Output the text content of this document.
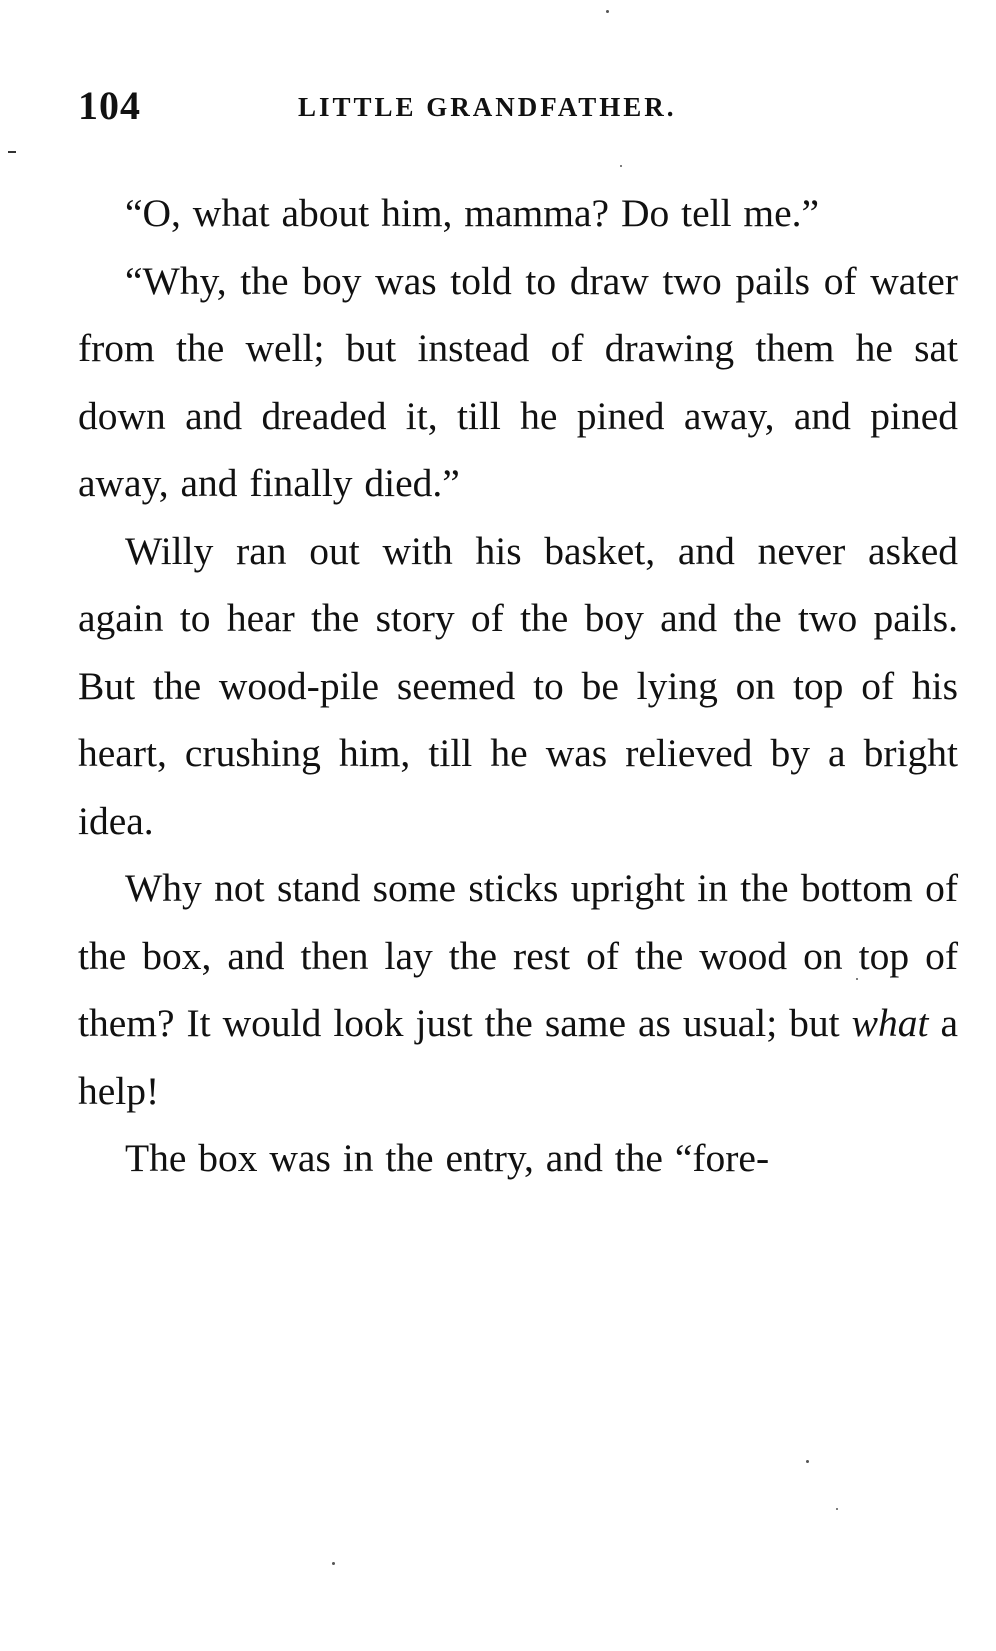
104	LITTLE GRANDFATHER.

“O, what about him, mamma? Do tell me.”

“Why, the boy was told to draw two pails of water from the well; but instead of drawing them he sat down and dreaded it, till he pined away, and pined away, and finally died.”

Willy ran out with his basket, and never asked again to hear the story of the boy and the two pails. But the wood-pile seemed to be lying on top of his heart, crushing him, till he was relieved by a bright idea.

Why not stand some sticks upright in the bottom of the box, and then lay the rest of the wood on top of them? It would look just the same as usual; but what a help!

The box was in the entry, and the “fore-
